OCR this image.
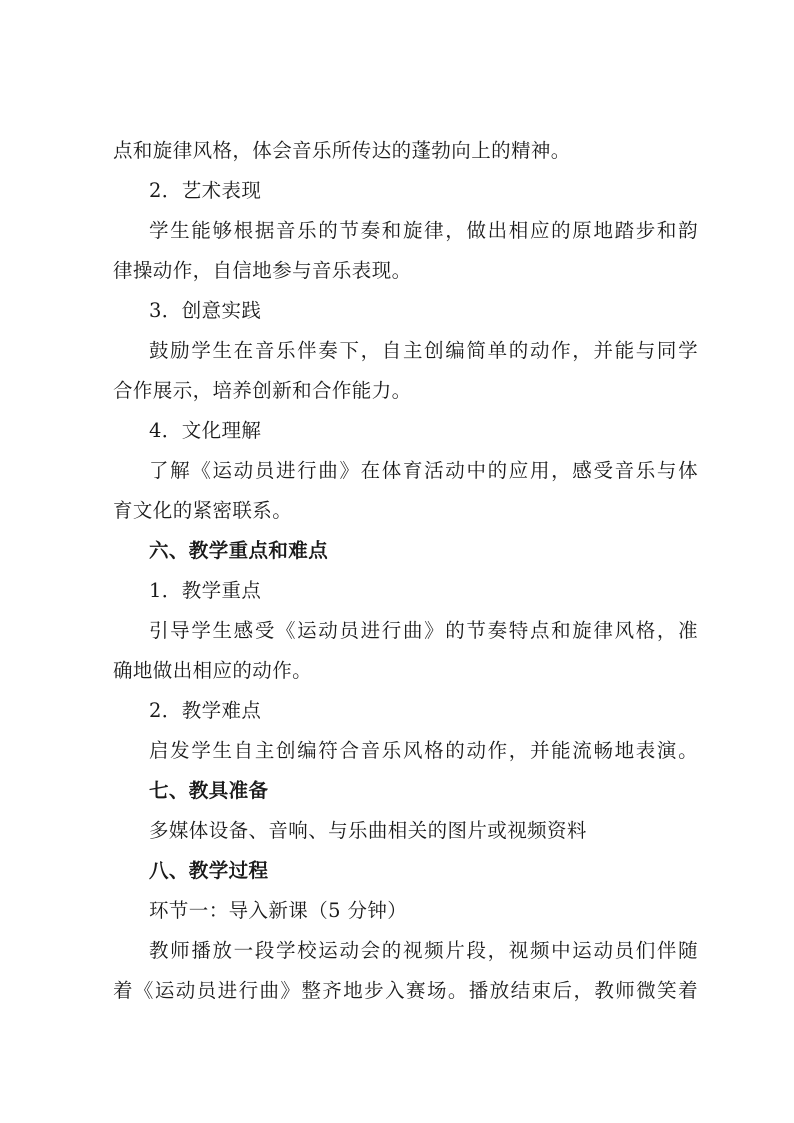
点和旋律风格，体会音乐所传达的蓬勃向上的精神。
2．艺术表现
学生能够根据音乐的节奏和旋律，做出相应的原地踏步和韵
律操动作，自信地参与音乐表现。
3．创意实践
鼓励学生在音乐伴奏下，自主创编简单的动作，并能与同学
合作展示，培养创新和合作能力。
4．文化理解
了解《运动员进行曲》在体育活动中的应用，感受音乐与体
育文化的紧密联系。
六、教学重点和难点
1．教学重点
引导学生感受《运动员进行曲》的节奏特点和旋律风格，准
确地做出相应的动作。
2．教学难点
启发学生自主创编符合音乐风格的动作，并能流畅地表演。
七、教具准备
多媒体设备、音响、与乐曲相关的图片或视频资料
八、教学过程
环节一：导入新课（5 分钟）
教师播放一段学校运动会的视频片段，视频中运动员们伴随
着《运动员进行曲》整齐地步入赛场。播放结束后，教师微笑着
